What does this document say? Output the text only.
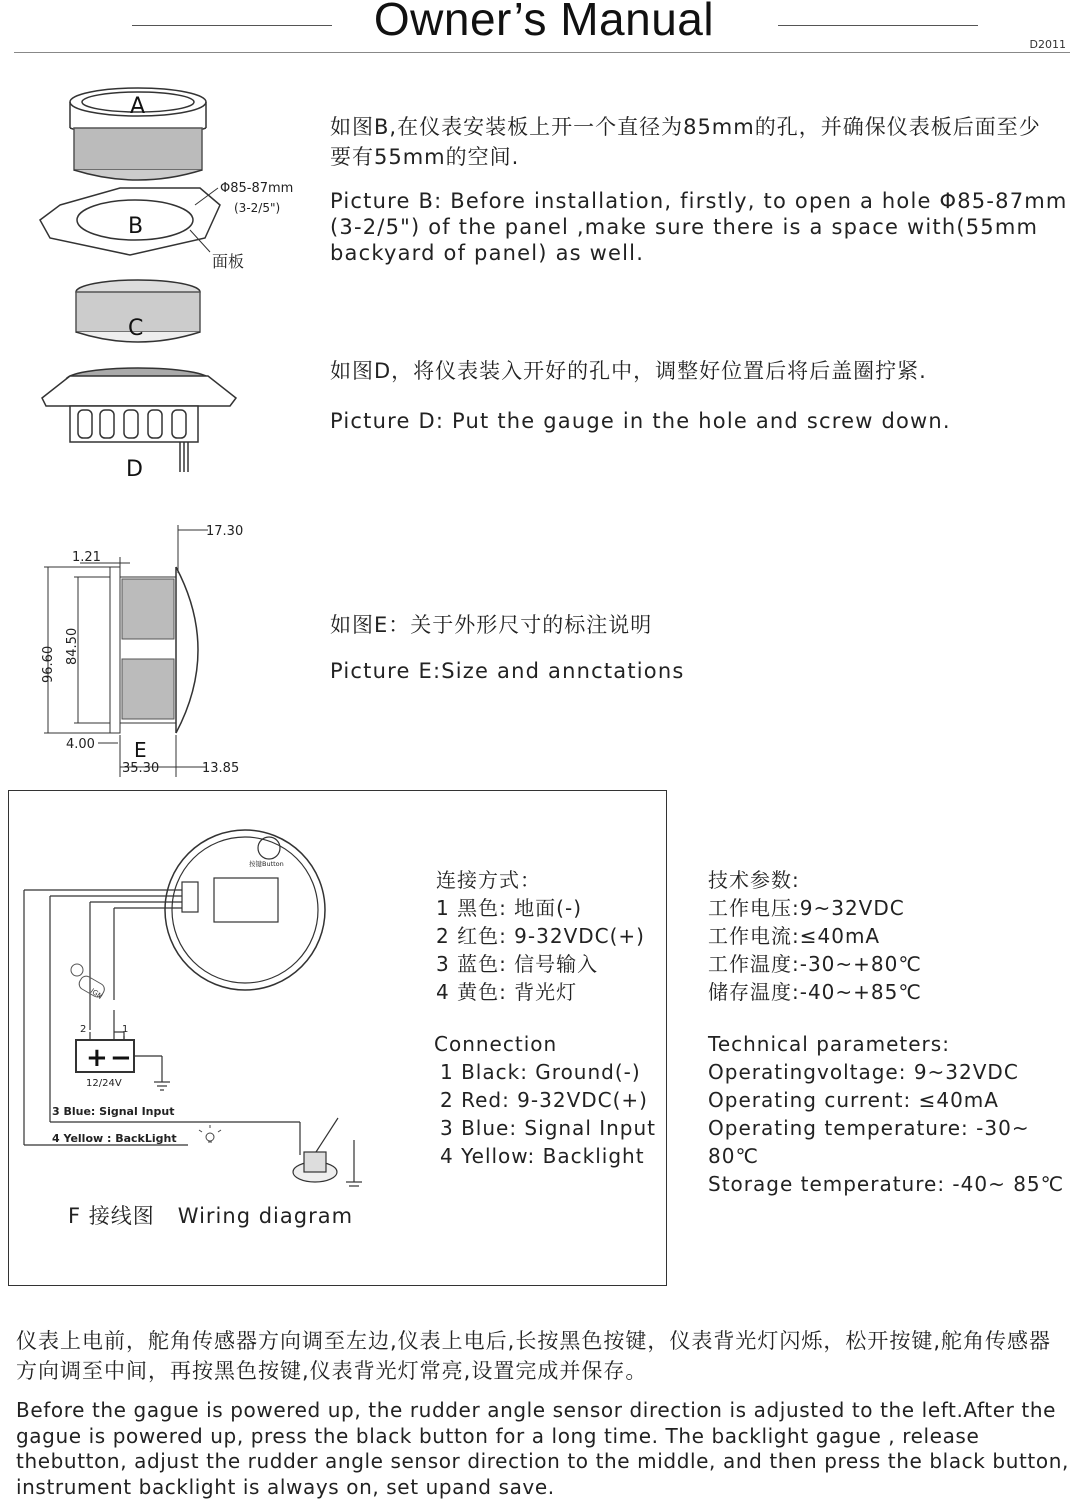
Owner’s Manual	D2011
A
B
Φ85-87mm
(3-2/5")
面板
C
D
如图B,在仪表安装板上开一个直径为85mm的孔，并确保仪表板后面至少要有55mm的空间.
Picture B: Before installation, firstly, to open a hole Φ85-87mm (3-2/5") of the panel ,make sure there is a space with(55mm backyard of panel) as well.
如图D，将仪表装入开好的孔中，调整好位置后将后盖圈拧紧.
Picture D: Put the gauge in the hole and screw down.
17.30
1.21
96.60 84.50
4.00 E
35.30	13.85
如图E：关于外形尺寸的标注说明
Picture E:Size and annctations
IGN
+ −
2	1
12/24V
按键Button
3 Blue: Signal Input
4 Yellow : BackLight
F 接线图   Wiring diagram
连接方式：
1 黑色: 地面(-)
2 红色: 9-32VDC(+)
3 蓝色: 信号输入
4 黄色: 背光灯
技术参数:
工作电压:9~32VDC
工作电流:≤40mA
工作温度:-30~+80℃
储存温度:-40~+85℃
Connection
1 Black: Ground(-)
2 Red: 9-32VDC(+)
3 Blue: Signal Input
4 Yellow: Backlight
Technical parameters:
Operatingvoltage: 9~32VDC
Operating current: ≤40mA
Operating temperature: -30~ 80℃
Storage temperature: -40~ 85℃
仪表上电前，舵角传感器方向调至左边,仪表上电后,长按黑色按键，仪表背光灯闪烁，松开按键,舵角传感器方向调至中间，再按黑色按键,仪表背光灯常亮,设置完成并保存。
Before the gague is powered up, the rudder angle sensor direction is adjusted to the left.After the gague is powered up, press the black button for a long time. The backlight gague , release thebutton, adjust the rudder angle sensor direction to the middle, and then press the black button, instrument backlight is always on, set upand save.
